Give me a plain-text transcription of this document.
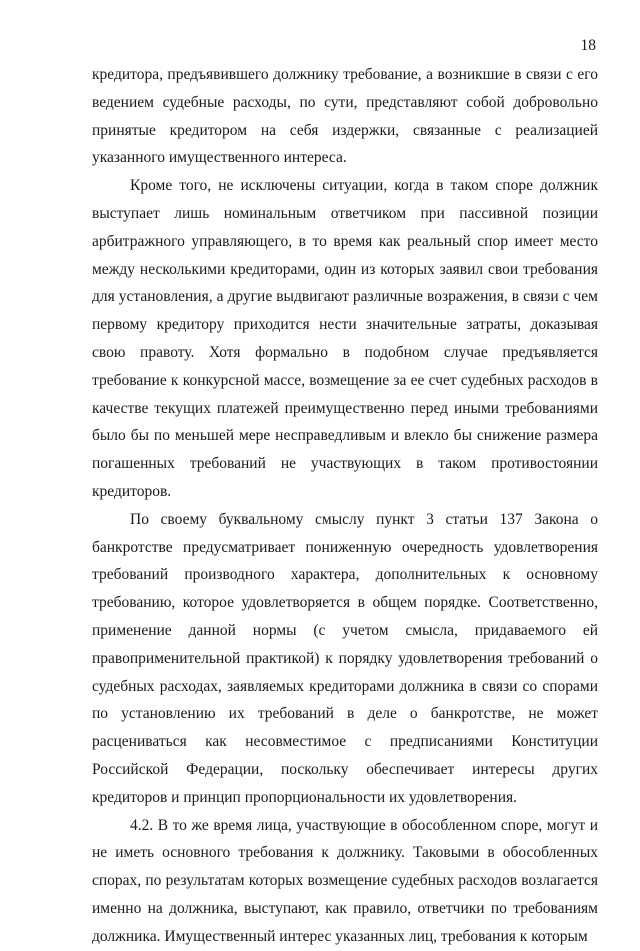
18

кредитора, предъявившего должнику требование, а возникшие в связи с его ведением судебные расходы, по сути, представляют собой добровольно принятые кредитором на себя издержки, связанные с реализацией указанного имущественного интереса.

Кроме того, не исключены ситуации, когда в таком споре должник выступает лишь номинальным ответчиком при пассивной позиции арбитражного управляющего, в то время как реальный спор имеет место между несколькими кредиторами, один из которых заявил свои требования для установления, а другие выдвигают различные возражения, в связи с чем первому кредитору приходится нести значительные затраты, доказывая свою правоту. Хотя формально в подобном случае предъявляется требование к конкурсной массе, возмещение за ее счет судебных расходов в качестве текущих платежей преимущественно перед иными требованиями было бы по меньшей мере несправедливым и влекло бы снижение размера погашенных требований не участвующих в таком противостоянии кредиторов.

По своему буквальному смыслу пункт 3 статьи 137 Закона о банкротстве предусматривает пониженную очередность удовлетворения требований производного характера, дополнительных к основному требованию, которое удовлетворяется в общем порядке. Соответственно, применение данной нормы (с учетом смысла, придаваемого ей правоприменительной практикой) к порядку удовлетворения требований о судебных расходах, заявляемых кредиторами должника в связи со спорами по установлению их требований в деле о банкротстве, не может расцениваться как несовместимое с предписаниями Конституции Российской Федерации, поскольку обеспечивает интересы других кредиторов и принцип пропорциональности их удовлетворения.

4.2. В то же время лица, участвующие в обособленном споре, могут и не иметь основного требования к должнику. Таковыми в обособленных спорах, по результатам которых возмещение судебных расходов возлагается именно на должника, выступают, как правило, ответчики по требованиям должника. Имущественный интерес указанных лиц, требования к которым
